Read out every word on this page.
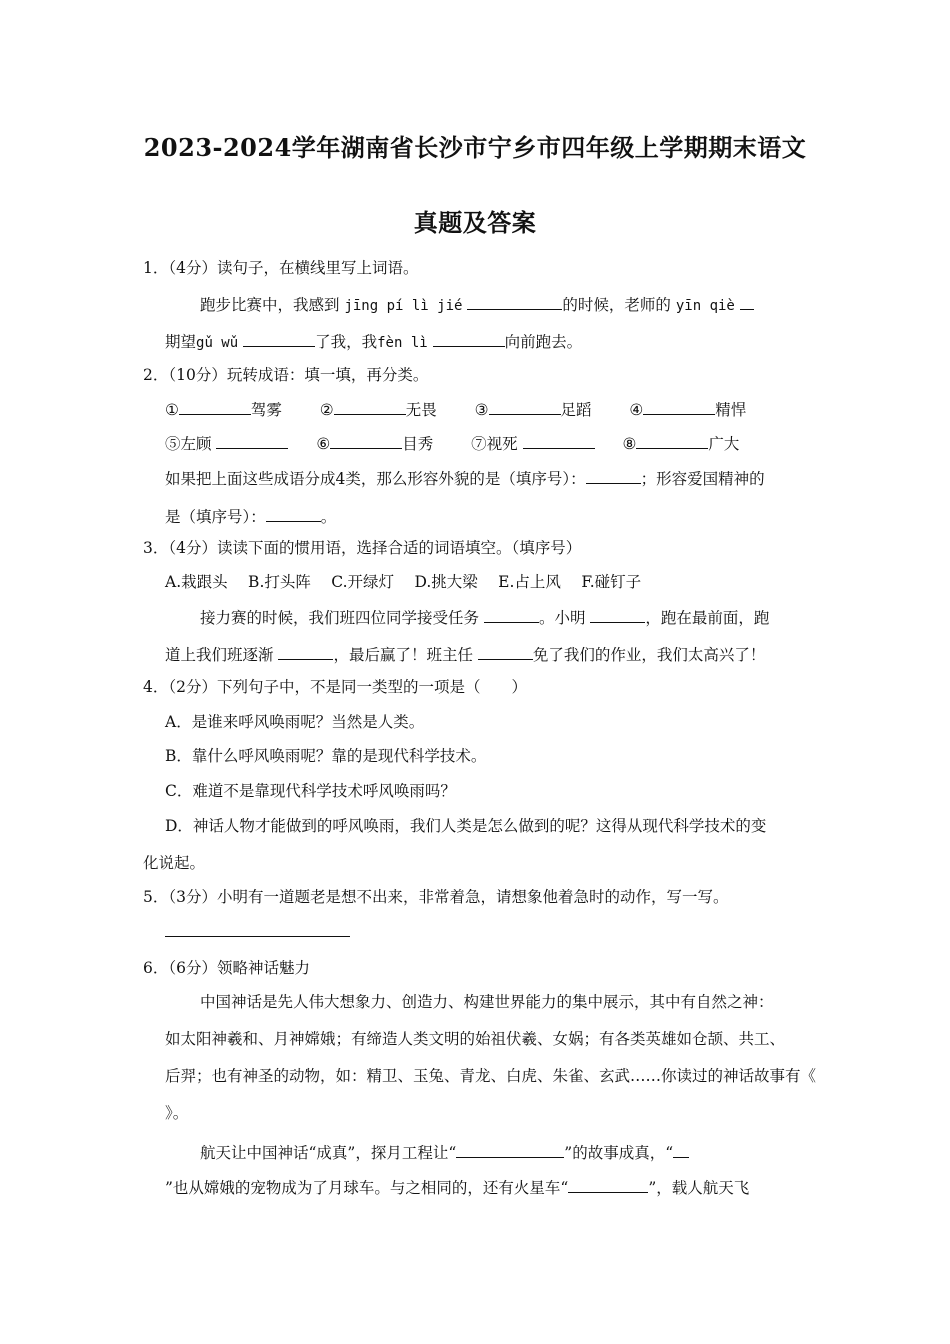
2023-2024学年湖南省长沙市宁乡市四年级上学期期末语文
真题及答案
1．（4分）读句子，在横线里写上词语。
跑步比赛中，我感到 jīng pí lì jié	的时候，老师的 yīn qiè
期望gǔ wǔ	了我，我fèn lì	向前跑去。
2．（10分）玩转成语：填一填，再分类。
①	驾雾 ②	无畏 ③	足蹈 ④	精悍
⑤左顾	⑥	目秀 ⑦视死	⑧	广大
如果把上面这些成语分成4类，那么形容外貌的是（填序号）：	；形容爱国精神的
是（填序号）：	。
3．（4分）读读下面的惯用语，选择合适的词语填空。（填序号）
A.栽跟头　 B.打头阵　 C.开绿灯　 D.挑大梁　 E.占上风　 F.碰钉子
接力赛的时候，我们班四位同学接受任务	。小明	，跑在最前面，跑
道上我们班逐渐	，最后赢了！班主任	免了我们的作业，我们太高兴了！
4．（2分）下列句子中，不是同一类型的一项是（　　）
A．是谁来呼风唤雨呢？当然是人类。
B．靠什么呼风唤雨呢？靠的是现代科学技术。
C．难道不是靠现代科学技术呼风唤雨吗？
D．神话人物才能做到的呼风唤雨，我们人类是怎么做到的呢？这得从现代科学技术的变
化说起。
5．（3分）小明有一道题老是想不出来，非常着急，请想象他着急时的动作，写一写。
6．（6分）领略神话魅力
中国神话是先人伟大想象力、创造力、构建世界能力的集中展示，其中有自然之神：
如太阳神羲和、月神嫦娥；有缔造人类文明的始祖伏羲、女娲；有各类英雄如仓颉、共工、
后羿；也有神圣的动物，如：精卫、玉兔、青龙、白虎、朱雀、玄武……你读过的神话故事有《
》。
航天让中国神话“成真”，探月工程让“	”的故事成真，“
”也从嫦娥的宠物成为了月球车。与之相同的，还有火星车“	”，载人航天飞
